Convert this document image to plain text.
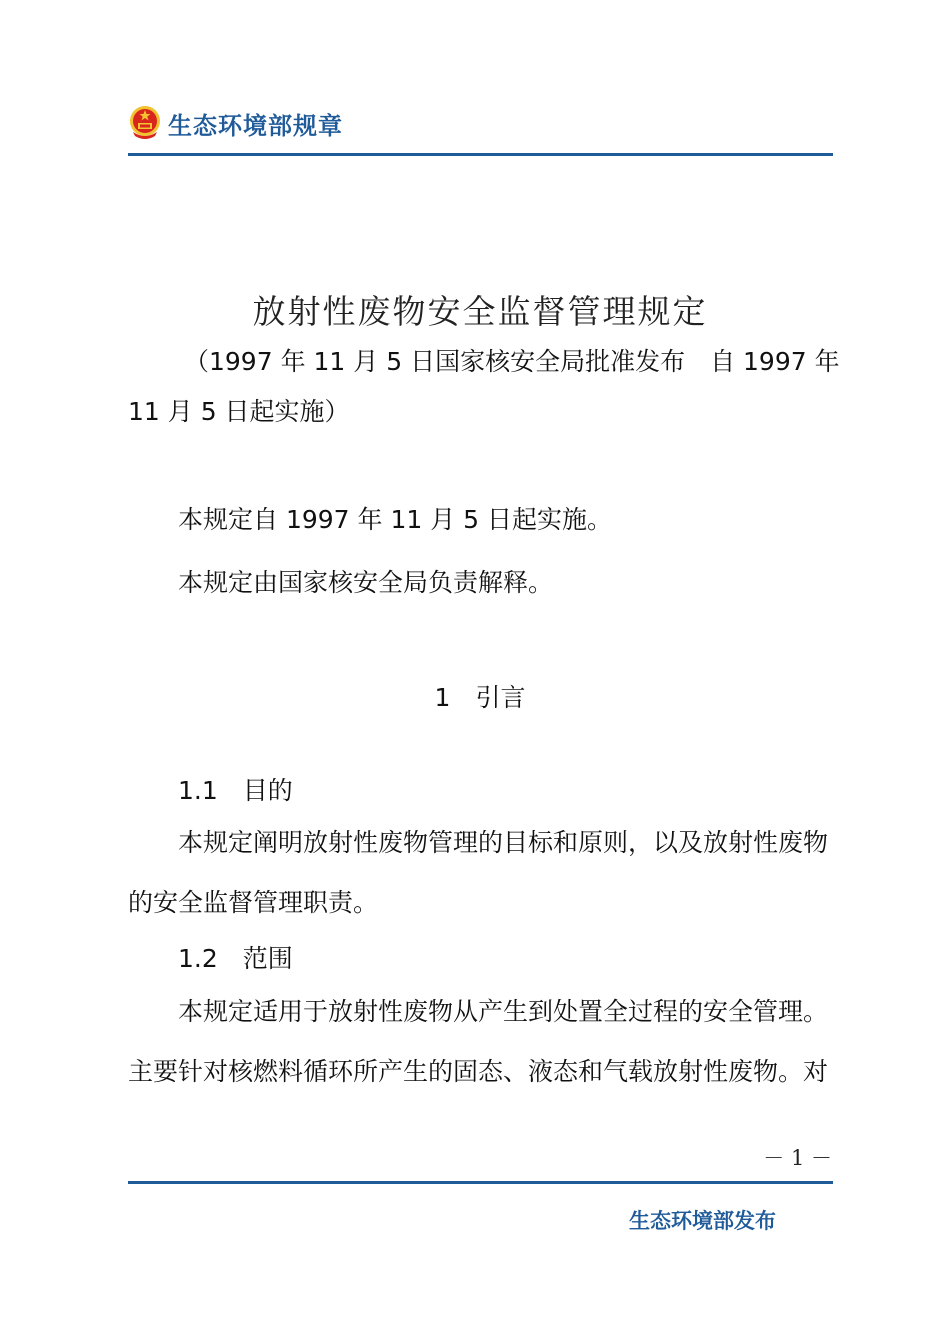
生态环境部规章
放射性废物安全监督管理规定
（1997 年 11 月 5 日国家核安全局批准发布　自 1997 年
11 月 5 日起实施）
本规定自 1997 年 11 月 5 日起实施。
本规定由国家核安全局负责解释。
1　引言
1.1　目的
本规定阐明放射性废物管理的目标和原则，以及放射性废物
的安全监督管理职责。
1.2　范围
本规定适用于放射性废物从产生到处置全过程的安全管理。
主要针对核燃料循环所产生的固态、液态和气载放射性废物。对
－ 1 －
生态环境部发布
